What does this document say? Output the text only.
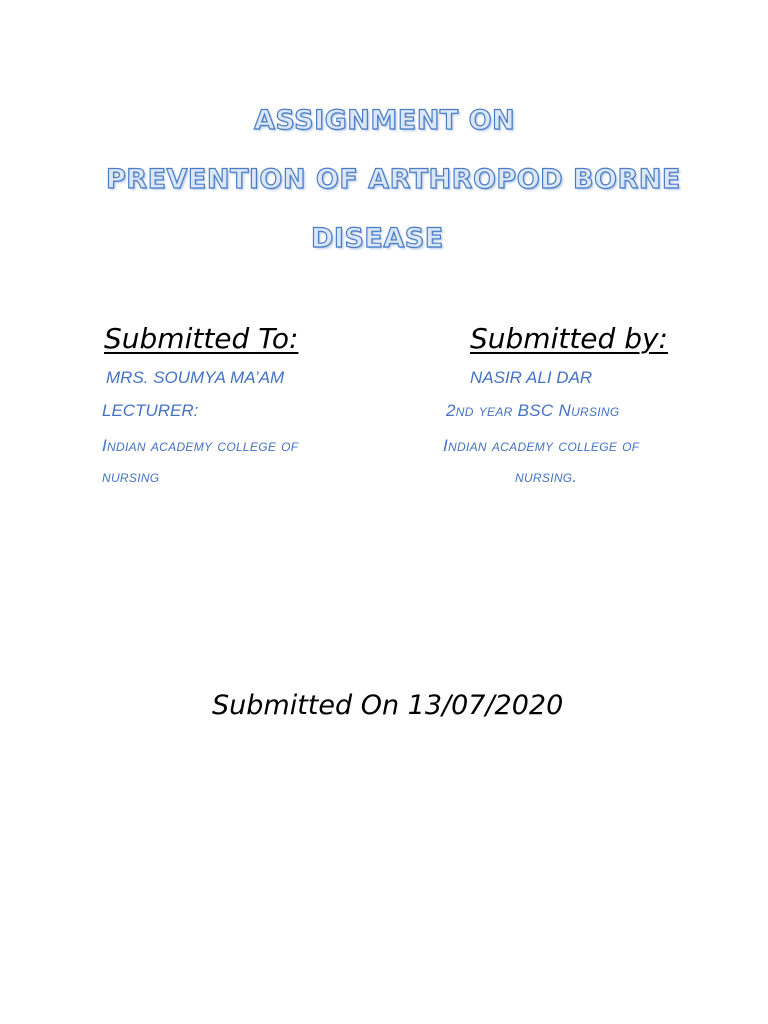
ASSIGNMENT ON
PREVENTION OF ARTHROPOD BORNE
DISEASE

Submitted To:

MRS. SOUMYA MA’AM

LECTURER:

Indian academy college of

nursing

Submitted by:

NASIR ALI DAR

2nd year BSC Nursing

Indian academy college of

nursing.

Submitted On 13/07/2020
